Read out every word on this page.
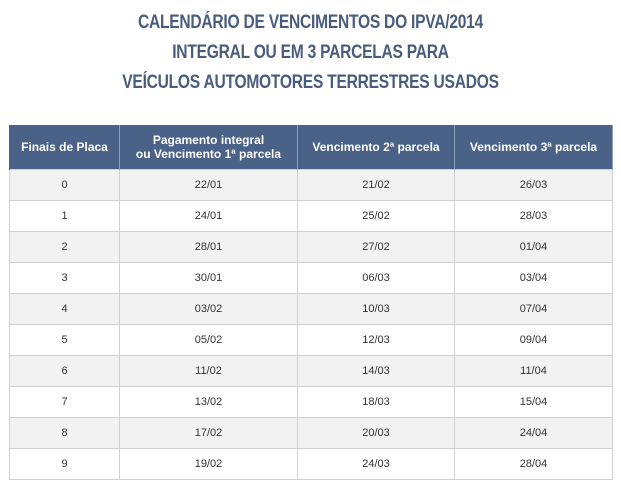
CALENDÁRIO DE VENCIMENTOS DO IPVA/2014
INTEGRAL OU EM 3 PARCELAS PARA
VEÍCULOS AUTOMOTORES TERRESTRES USADOS
Finais de Placa	Pagamento integral
ou Vencimento 1ª parcela	Vencimento 2ª parcela	Vencimento 3ª parcela
0	22/01	21/02	26/03
1	24/01	25/02	28/03
2	28/01	27/02	01/04
3	30/01	06/03	03/04
4	03/02	10/03	07/04
5	05/02	12/03	09/04
6	11/02	14/03	11/04
7	13/02	18/03	15/04
8	17/02	20/03	24/04
9	19/02	24/03	28/04
